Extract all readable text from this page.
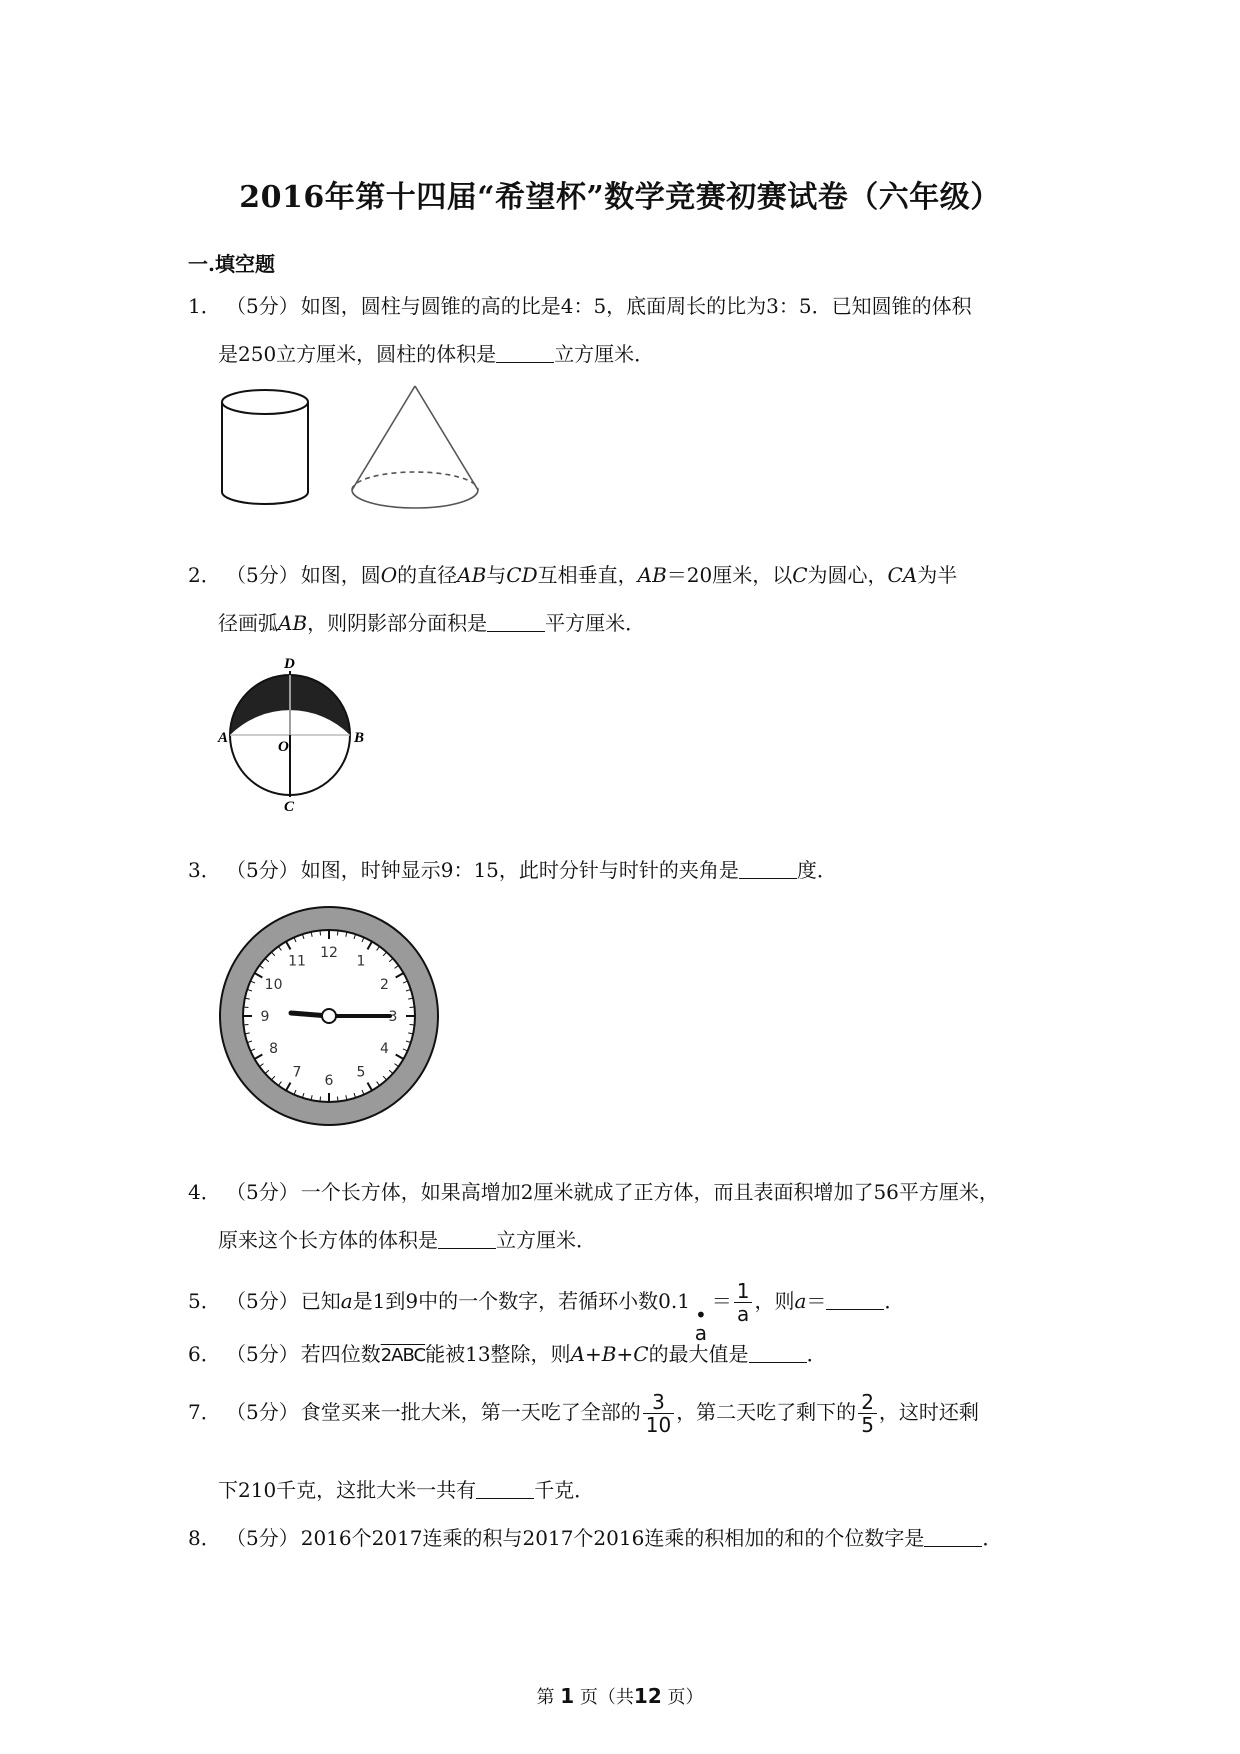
2016年第十四届“希望杯”数学竞赛初赛试卷（六年级）
一.填空题
1． （5分） 如图，圆柱与圆锥的高的比是4：5，底面周长的比为3：5．已知圆锥的体积
是250立方厘米，圆柱的体积是	立方厘米．
2． （5分） 如图，圆O的直径AB与CD互相垂直，AB＝20厘米，以C为圆心，CA为半
径画弧AB，则阴影部分面积是	平方厘米．
A	B
C
D
O
3． （5分） 如图，时钟显示9：15，此时分针与时针的夹角是	度．
12
1
2
3
4
5
6
7
8
9
10
11
4． （5分） 一个长方体，如果高增加2厘米就成了正方体，而且表面积增加了56平方厘米，
原来这个长方体的体积是	立方厘米．
5． （5分） 已知a是1到9中的一个数字，若循环小数0.1
•
a
＝ $\frac{1}{a}$ ，则a＝	．
6． （5分） 若四位数2ABC能被13整除，则A+B+C的最大值是	．
7． （5分） 食堂买来一批大米，第一天吃了全部的 $\frac{3}{10}$ ，第二天吃了剩下的 $\frac{2}{5}$ ，这时还剩
下210千克，这批大米一共有	千克．
8． （5分） 2016个2017连乘的积与2017个2016连乘的积相加的和的个位数字是	．
第 1 页（共12 页）
